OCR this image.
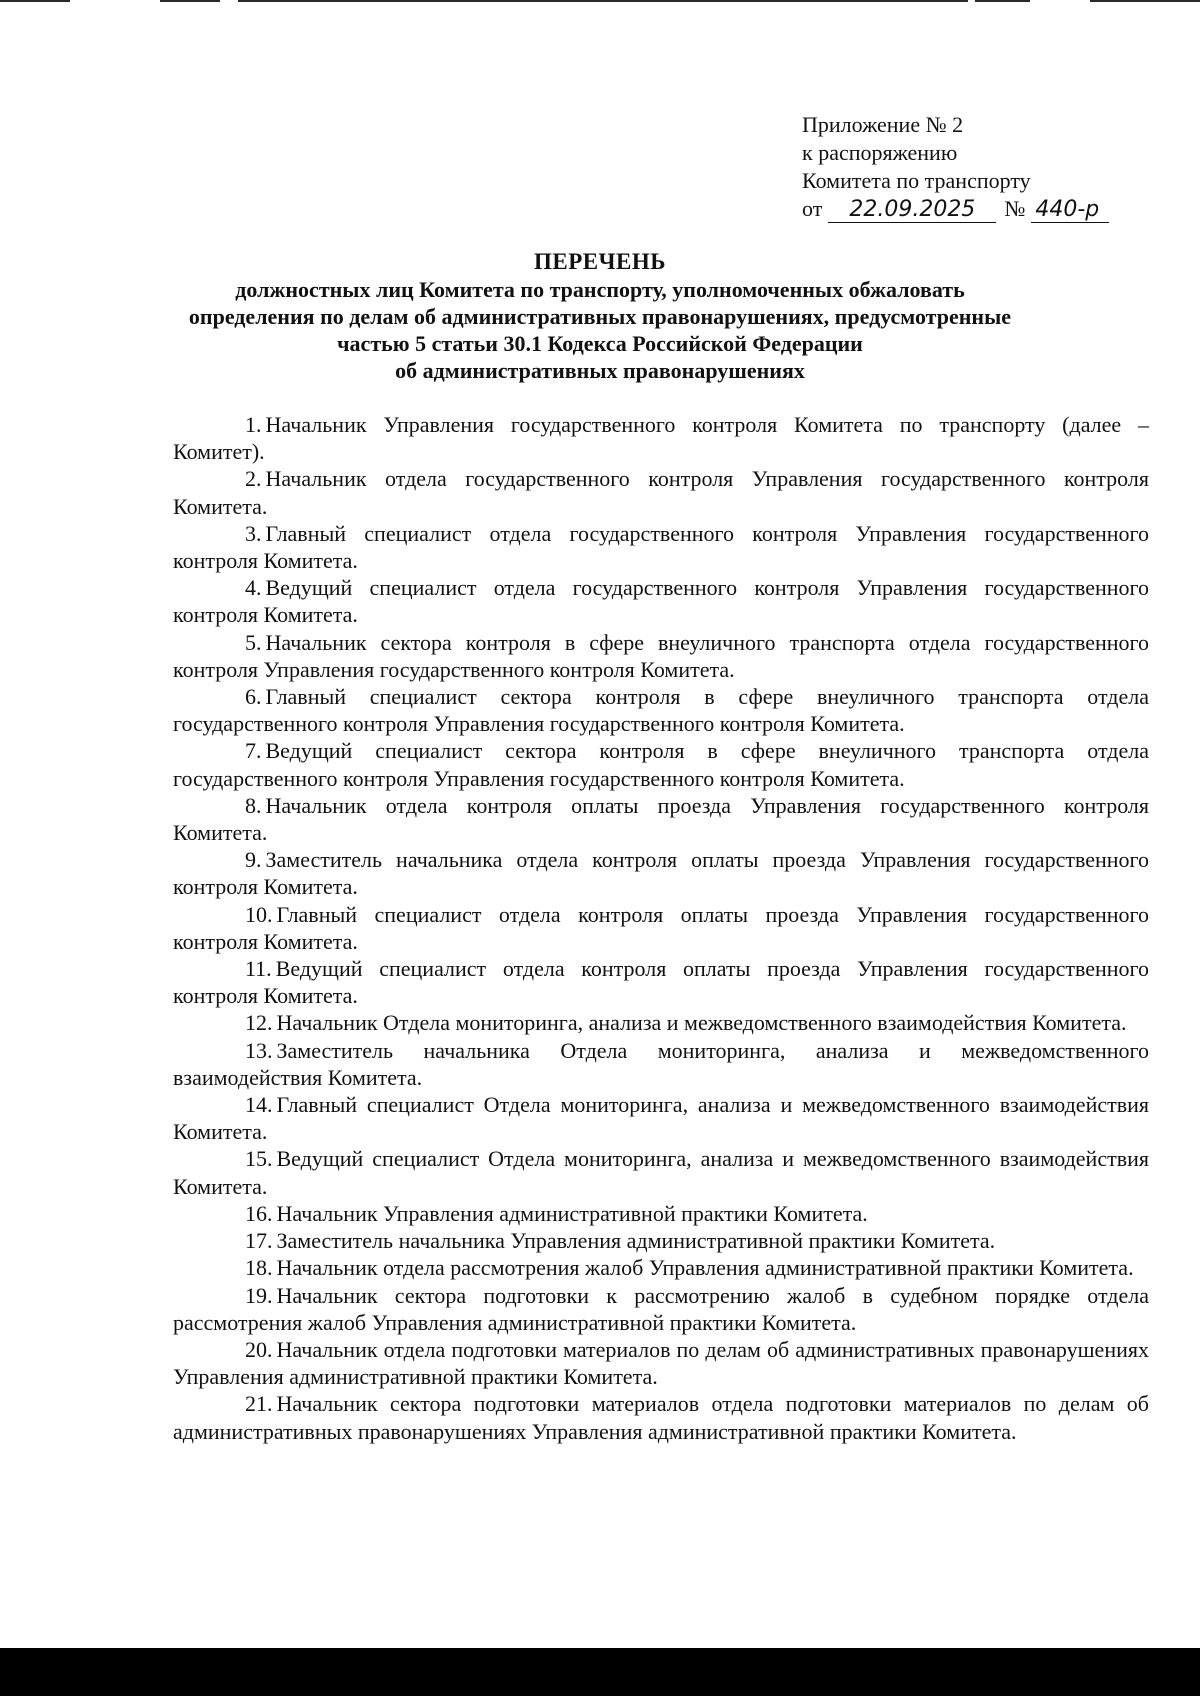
Приложение № 2
к распоряжению
Комитета по транспорту
от	22.09.2025	№ 440-р
ПЕРЕЧЕНЬ
должностных лиц Комитета по транспорту, уполномоченных обжаловать
определения по делам об административных правонарушениях, предусмотренные
частью 5 статьи 30.1 Кодекса Российской Федерации
об административных правонарушениях

1. Начальник Управления государственного контроля Комитета по транспорту (далее – Комитет).

2. Начальник отдела государственного контроля Управления государственного контроля Комитета.

3. Главный специалист отдела государственного контроля Управления государственного контроля Комитета.

4. Ведущий специалист отдела государственного контроля Управления государственного контроля Комитета.

5. Начальник сектора контроля в сфере внеуличного транспорта отдела государственного контроля Управления государственного контроля Комитета.

6. Главный специалист сектора контроля в сфере внеуличного транспорта отдела государственного контроля Управления государственного контроля Комитета.

7. Ведущий специалист сектора контроля в сфере внеуличного транспорта отдела государственного контроля Управления государственного контроля Комитета.

8. Начальник отдела контроля оплаты проезда Управления государственного контроля Комитета.

9. Заместитель начальника отдела контроля оплаты проезда Управления государственного контроля Комитета.

10. Главный специалист отдела контроля оплаты проезда Управления государственного контроля Комитета.

11. Ведущий специалист отдела контроля оплаты проезда Управления государственного контроля Комитета.

12. Начальник Отдела мониторинга, анализа и межведомственного взаимодействия Комитета.

13. Заместитель начальника Отдела мониторинга, анализа и межведомственного взаимодействия Комитета.

14. Главный специалист Отдела мониторинга, анализа и межведомственного взаимодействия Комитета.

15. Ведущий специалист Отдела мониторинга, анализа и межведомственного взаимодействия Комитета.

16. Начальник Управления административной практики Комитета.

17. Заместитель начальника Управления административной практики Комитета.

18. Начальник отдела рассмотрения жалоб Управления административной практики Комитета.

19. Начальник сектора подготовки к рассмотрению жалоб в судебном порядке отдела рассмотрения жалоб Управления административной практики Комитета.

20. Начальник отдела подготовки материалов по делам об административных правонарушениях Управления административной практики Комитета.

21. Начальник сектора подготовки материалов отдела подготовки материалов по делам об административных правонарушениях Управления административной практики Комитета.
